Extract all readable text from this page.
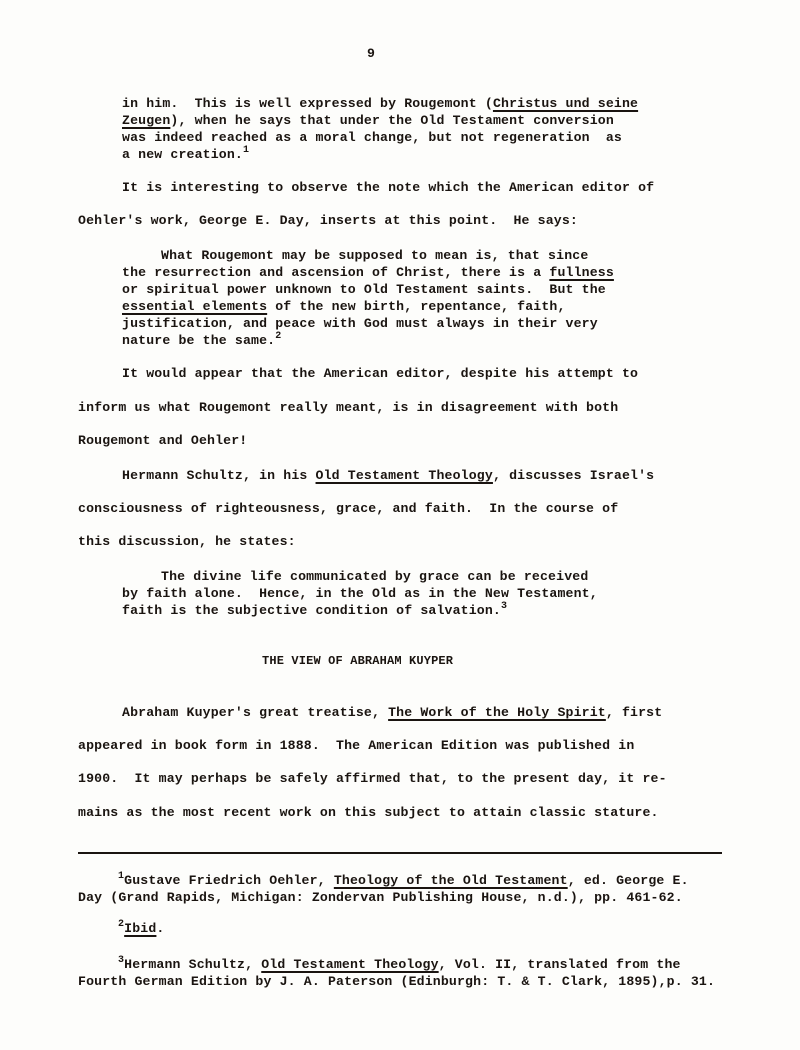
9
in him.  This is well expressed by Rougemont (Christus und seine
Zeugen), when he says that under the Old Testament conversion
was indeed reached as a moral change, but not regeneration  as
a new creation.$^1$
It is interesting to observe the note which the American editor of
Oehler's work, George E. Day, inserts at this point.  He says:
What Rougemont may be supposed to mean is, that since
the resurrection and ascension of Christ, there is a fullness
or spiritual power unknown to Old Testament saints.  But the
essential elements of the new birth, repentance, faith,
justification, and peace with God must always in their very
nature be the same.$^2$
It would appear that the American editor, despite his attempt to
inform us what Rougemont really meant, is in disagreement with both
Rougemont and Oehler!
Hermann Schultz, in his Old Testament Theology, discusses Israel's
consciousness of righteousness, grace, and faith.  In the course of
this discussion, he states:
The divine life communicated by grace can be received
by faith alone.  Hence, in the Old as in the New Testament,
faith is the subjective condition of salvation.$^3$
THE VIEW OF ABRAHAM KUYPER
Abraham Kuyper's great treatise, The Work of the Holy Spirit, first
appeared in book form in 1888.  The American Edition was published in
1900.  It may perhaps be safely affirmed that, to the present day, it re-
mains as the most recent work on this subject to attain classic stature.
$^1$Gustave Friedrich Oehler, Theology of the Old Testament, ed. George E.
Day (Grand Rapids, Michigan: Zondervan Publishing House, n.d.), pp. 461-62.
$^2$Ibid.
$^3$Hermann Schultz, Old Testament Theology, Vol. II, translated from the
Fourth German Edition by J. A. Paterson (Edinburgh: T. & T. Clark, 1895),p. 31.
